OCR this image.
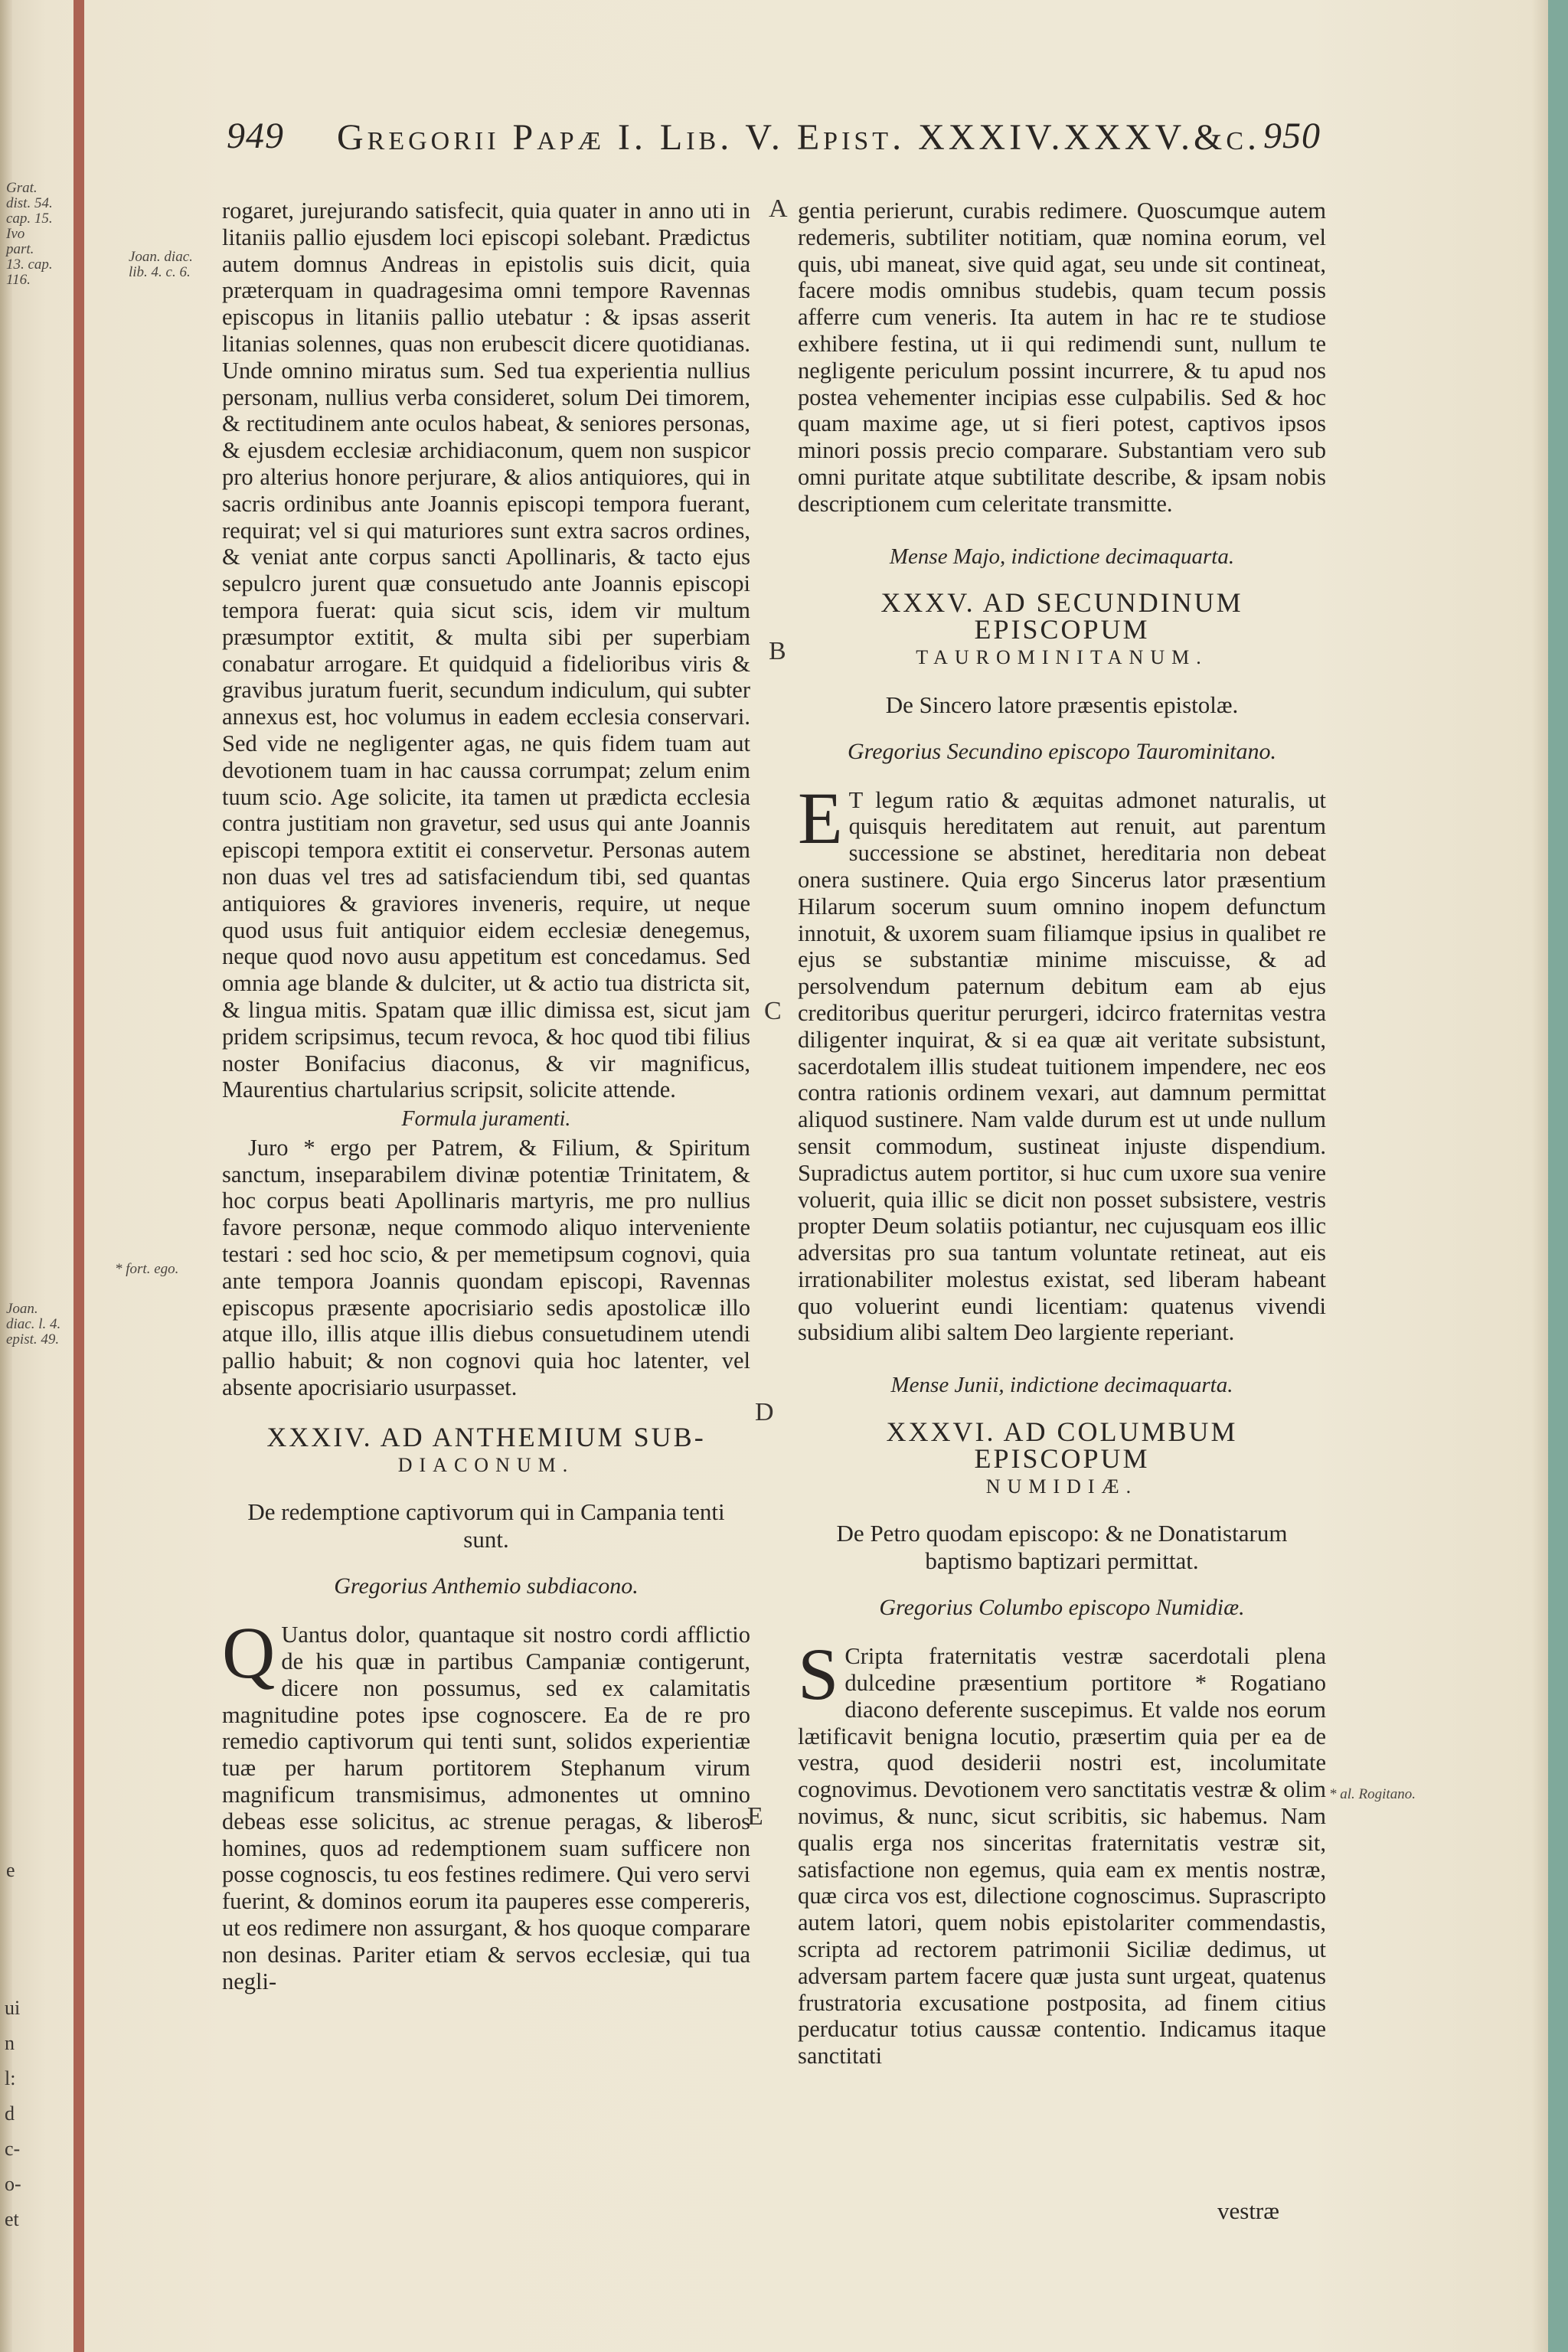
949 Gregorii Papæ I. Lib. V. Epist. XXXIV.XXXV.&c. 950
Grat. dist. 54. cap. 15. Ivo part. 13. cap. 116.
Joan. diac. lib. 4. c. 6.
* fort. ego.
Joan. diac. l. 4. epist. 49.
e
ui
n
l:
d
c-
o-
et
A
B
C
D
E
* al. Rogitano.

rogaret, jurejurando satisfecit, quia quater in anno uti in litaniis pallio ejusdem loci episcopi solebant. Prædictus autem domnus Andreas in epistolis suis dicit, quia præterquam in quadragesima omni tempore Ravennas episcopus in litaniis pallio utebatur : & ipsas asserit litanias solennes, quas non erubescit dicere quotidianas. Unde omnino miratus sum. Sed tua experientia nullius personam, nullius verba consideret, solum Dei timorem, & rectitudinem ante oculos habeat, & seniores personas, & ejusdem ecclesiæ archidiaconum, quem non suspicor pro alterius honore perjurare, & alios antiquiores, qui in sacris ordinibus ante Joannis episcopi tempora fuerant, requirat; vel si qui maturiores sunt extra sacros ordines, & veniat ante corpus sancti Apollinaris, & tacto ejus sepulcro jurent quæ consuetudo ante Joannis episcopi tempora fuerat: quia sicut scis, idem vir multum præsumptor extitit, & multa sibi per superbiam conabatur arrogare. Et quidquid a fidelioribus viris & gravibus juratum fuerit, secundum indiculum, qui subter annexus est, hoc volumus in eadem ecclesia conservari. Sed vide ne negligenter agas, ne quis fidem tuam aut devotionem tuam in hac caussa corrumpat; zelum enim tuum scio. Age solicite, ita tamen ut prædicta ecclesia contra justitiam non gravetur, sed usus qui ante Joannis episcopi tempora extitit ei conservetur. Personas autem non duas vel tres ad satisfaciendum tibi, sed quantas antiquiores & graviores inveneris, require, ut neque quod usus fuit antiquior eidem ecclesiæ denegemus, neque quod novo ausu appetitum est concedamus. Sed omnia age blande & dulciter, ut & actio tua districta sit, & lingua mitis. Spatam quæ illic dimissa est, sicut jam pridem scripsimus, tecum revoca, & hoc quod tibi filius noster Bonifacius diaconus, & vir magnificus, Maurentius chartularius scripsit, solicite attende.

Formula juramenti.

Juro * ergo per Patrem, & Filium, & Spiritum sanctum, inseparabilem divinæ potentiæ Trinitatem, & hoc corpus beati Apollinaris martyris, me pro nullius favore personæ, neque commodo aliquo interveniente testari : sed hoc scio, & per memetipsum cognovi, quia ante tempora Joannis quondam episcopi, Ravennas episcopus præsente apocrisiario sedis apostolicæ illo atque illo, illis atque illis diebus consuetudinem utendi pallio habuit; & non cognovi quia hoc latenter, vel absente apocrisiario usurpasset.

XXXIV. AD ANTHEMIUM SUB-
DIACONUM.
De redemptione captivorum qui in Campania tenti sunt.
Gregorius Anthemio subdiacono.

Q Uantus dolor, quantaque sit nostro cordi afflictio de his quæ in partibus Campaniæ contigerunt, dicere non possumus, sed ex calamitatis magnitudine potes ipse cognoscere. Ea de re pro remedio captivorum qui tenti sunt, solidos experientiæ tuæ per harum portitorem Stephanum virum magnificum transmisimus, admonentes ut omnino debeas esse solicitus, ac strenue peragas, & liberos homines, quos ad redemptionem suam sufficere non posse cognoscis, tu eos festines redimere. Qui vero servi fuerint, & dominos eorum ita pauperes esse compereris, ut eos redimere non assurgant, & hos quoque comparare non desinas. Pariter etiam & servos ecclesiæ, qui tua negli-

gentia perierunt, curabis redimere. Quoscumque autem redemeris, subtiliter notitiam, quæ nomina eorum, vel quis, ubi maneat, sive quid agat, seu unde sit contineat, facere modis omnibus studebis, quam tecum possis afferre cum veneris. Ita autem in hac re te studiose exhibere festina, ut ii qui redimendi sunt, nullum te negligente periculum possint incurrere, & tu apud nos postea vehementer incipias esse culpabilis. Sed & hoc quam maxime age, ut si fieri potest, captivos ipsos minori possis precio comparare. Substantiam vero sub omni puritate atque subtilitate describe, & ipsam nobis descriptionem cum celeritate transmitte.

Mense Majo, indictione decimaquarta.
XXXV. AD SECUNDINUM EPISCOPUM
TAUROMINITANUM.
De Sincero latore præsentis epistolæ.
Gregorius Secundino episcopo Taurominitano.

E T legum ratio & æquitas admonet naturalis, ut quisquis hereditatem aut renuit, aut parentum successione se abstinet, hereditaria non debeat onera sustinere. Quia ergo Sincerus lator præsentium Hilarum socerum suum omnino inopem defunctum innotuit, & uxorem suam filiamque ipsius in qualibet re ejus se substantiæ minime miscuisse, & ad persolvendum paternum debitum eam ab ejus creditoribus queritur perurgeri, idcirco fraternitas vestra diligenter inquirat, & si ea quæ ait veritate subsistunt, sacerdotalem illis studeat tuitionem impendere, nec eos contra rationis ordinem vexari, aut damnum permittat aliquod sustinere. Nam valde durum est ut unde nullum sensit commodum, sustineat injuste dispendium. Supradictus autem portitor, si huc cum uxore sua venire voluerit, quia illic se dicit non posset subsistere, vestris propter Deum solatiis potiantur, nec cujusquam eos illic adversitas pro sua tantum voluntate retineat, aut eis irrationabiliter molestus existat, sed liberam habeant quo voluerint eundi licentiam: quatenus vivendi subsidium alibi saltem Deo largiente reperiant.

Mense Junii, indictione decimaquarta.
XXXVI. AD COLUMBUM EPISCOPUM
NUMIDIÆ.
De Petro quodam episcopo: & ne Donatistarum baptismo baptizari permittat.
Gregorius Columbo episcopo Numidiæ.

S Cripta fraternitatis vestræ sacerdotali plena dulcedine præsentium portitore * Rogatiano diacono deferente suscepimus. Et valde nos eorum lætificavit benigna locutio, præsertim quia per ea de vestra, quod desiderii nostri est, incolumitate cognovimus. Devotionem vero sanctitatis vestræ & olim novimus, & nunc, sicut scribitis, sic habemus. Nam qualis erga nos sinceritas fraternitatis vestræ sit, satisfactione non egemus, quia eam ex mentis nostræ, quæ circa vos est, dilectione cognoscimus. Suprascripto autem latori, quem nobis epistolariter commendastis, scripta ad rectorem patrimonii Siciliæ dedimus, ut adversam partem facere quæ justa sunt urgeat, quatenus frustratoria excusatione postposita, ad finem citius perducatur totius caussæ contentio. Indicamus itaque sanctitati

vestræ
